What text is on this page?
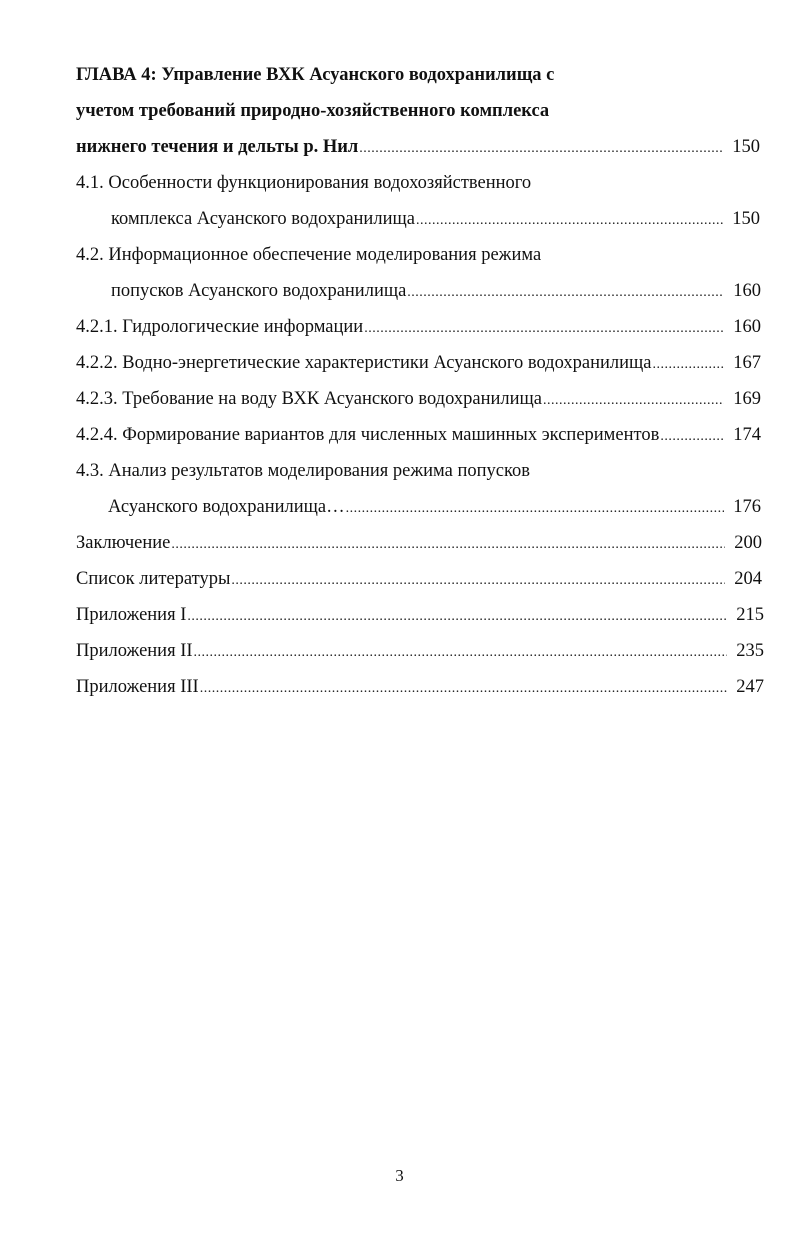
ГЛАВА 4: Управление ВХК Асуанского водохранилища с
учетом требований природно-хозяйственного комплекса
нижнего течения и дельты р. Нил .....	150
4.1. Особенности функционирования водохозяйственного
комплекса Асуанского водохранилища .....	150
4.2. Информационное обеспечение моделирования режима
попусков Асуанского водохранилища .....	160
4.2.1. Гидрологические информации .....	160
4.2.2. Водно-энергетические характеристики Асуанского водохранилища .....	167
4.2.3. Требование на воду ВХК Асуанского водохранилища .....	169
4.2.4. Формирование вариантов для численных машинных экспериментов .....	174
4.3. Анализ результатов моделирования режима попусков
Асуанского водохранилища… .....	176
Заключение .....	200
Список литературы .....	204
Приложения I .....	215
Приложения II .....	235
Приложения III .....	247
3
